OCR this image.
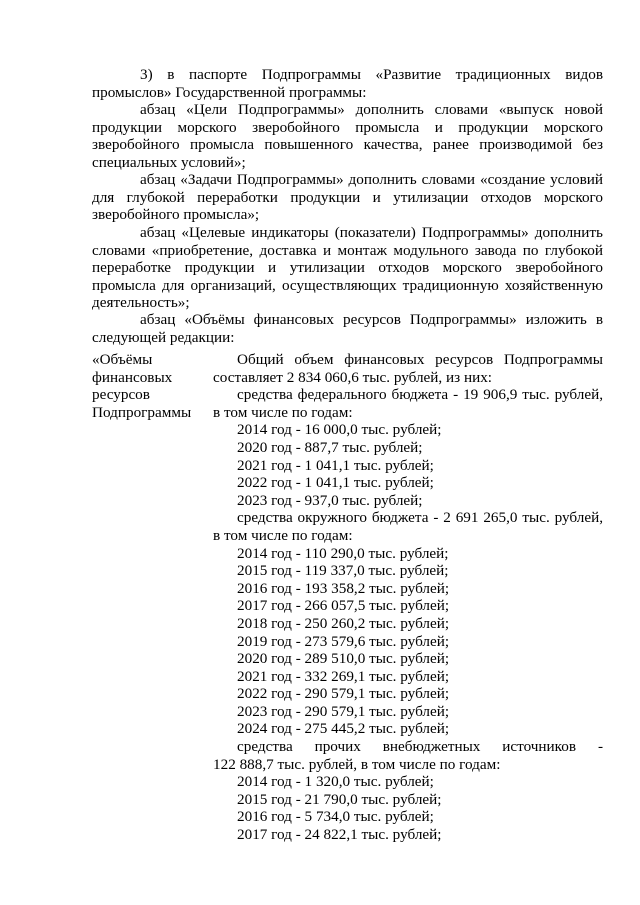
3) в паспорте Подпрограммы «Развитие традиционных видов
промыслов» Государственной программы:
абзац «Цели Подпрограммы» дополнить словами «выпуск новой
продукции морского зверобойного промысла и продукции морского
зверобойного промысла повышенного качества, ранее производимой без
специальных условий»;
абзац «Задачи Подпрограммы» дополнить словами «создание условий
для глубокой переработки продукции и утилизации отходов морского
зверобойного промысла»;
абзац «Целевые индикаторы (показатели) Подпрограммы» дополнить
словами «приобретение, доставка и монтаж модульного завода по глубокой
переработке продукции и утилизации отходов морского зверобойного
промысла для организаций, осуществляющих традиционную хозяйственную
деятельность»;
абзац «Объёмы финансовых ресурсов Подпрограммы» изложить в
следующей редакции:
«Объёмы
финансовых
ресурсов
Подпрограммы
Общий объем финансовых ресурсов Подпрограммы
составляет 2 834 060,6 тыс. рублей, из них:
средства федерального бюджета - 19 906,9 тыс. рублей,
в том числе по годам:
2014 год - 16 000,0 тыс. рублей;
2020 год - 887,7 тыс. рублей;
2021 год - 1 041,1 тыс. рублей;
2022 год - 1 041,1 тыс. рублей;
2023 год - 937,0 тыс. рублей;
средства окружного бюджета - 2 691 265,0 тыс. рублей,
в том числе по годам:
2014 год - 110 290,0 тыс. рублей;
2015 год - 119 337,0 тыс. рублей;
2016 год - 193 358,2 тыс. рублей;
2017 год - 266 057,5 тыс. рублей;
2018 год - 250 260,2 тыс. рублей;
2019 год - 273 579,6 тыс. рублей;
2020 год - 289 510,0 тыс. рублей;
2021 год - 332 269,1 тыс. рублей;
2022 год - 290 579,1 тыс. рублей;
2023 год - 290 579,1 тыс. рублей;
2024 год - 275 445,2 тыс. рублей;
средства прочих внебюджетных источников -
122 888,7 тыс. рублей, в том числе по годам:
2014 год - 1 320,0 тыс. рублей;
2015 год - 21 790,0 тыс. рублей;
2016 год - 5 734,0 тыс. рублей;
2017 год - 24 822,1 тыс. рублей;
